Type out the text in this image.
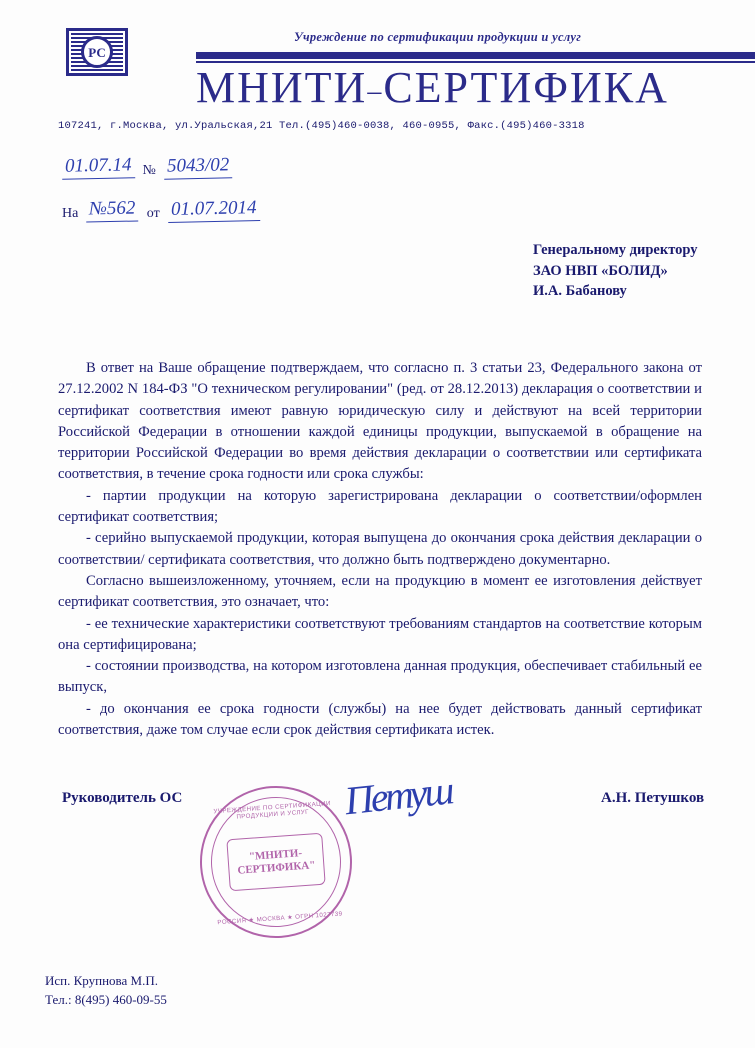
РС
Учреждение по сертификации продукции и услуг
МНИТИ–СЕРТИФИКА
107241, г.Москва, ул.Уральская,21 Тел.(495)460-0038, 460-0955, Факс.(495)460-3318
01.07.14 № 5043/02
На №562 от 01.07.2014
Генеральному директору
ЗАО НВП «БОЛИД»
И.А. Бабанову

В ответ на Ваше обращение подтверждаем, что согласно п. 3 статьи 23, Федерального закона от 27.12.2002 N 184-ФЗ "О техническом регулировании" (ред. от 28.12.2013) декларация о соответствии и сертификат соответствия имеют равную юридическую силу и действуют на всей территории Российской Федерации в отношении каждой единицы продукции, выпускаемой в обращение на территории Российской Федерации во время действия декларации о соответствии или сертификата соответствия, в течение срока годности или срока службы:

- партии продукции на которую зарегистрирована декларации о соответствии/оформлен сертификат соответствия;

- серийно выпускаемой продукции, которая выпущена до окончания срока действия декларации о соответствии/ сертификата соответствия, что должно быть подтверждено документарно.

Согласно вышеизложенному, уточняем, если на продукцию в момент ее изготовления действует сертификат соответствия, это означает, что:

- ее технические характеристики соответствуют требованиям стандартов на соответствие которым она сертифицирована;

- состоянии производства, на котором изготовлена данная продукция, обеспечивает стабильный ее выпуск,

- до окончания ее срока годности (службы) на нее будет действовать данный сертификат соответствия, даже том случае если срок действия сертификата истек.

Руководитель ОС	Петуш	А.Н. Петушков
УЧРЕЖДЕНИЕ ПО СЕРТИФИКАЦИИ ПРОДУКЦИИ И УСЛУГ
"МНИТИ-СЕРТИФИКА"
РОССИЯ ★ МОСКВА ★ ОГРН 1027739
Исп. Крупнова М.П.
Тел.: 8(495) 460-09-55
